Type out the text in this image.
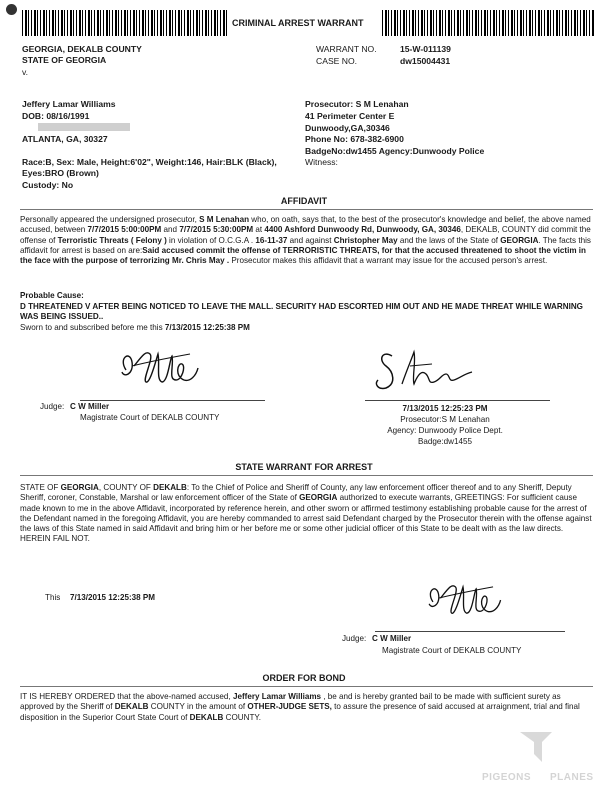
CRIMINAL ARREST WARRANT
GEORGIA, DEKALB COUNTY
STATE OF GEORGIA
v.
WARRANT NO.	15-W-011139
CASE NO.	dw15004431
Jeffery Lamar Williams
DOB: 08/16/1991
ATLANTA, GA, 30327
Race:B, Sex: Male, Height:6'02", Weight:146, Hair:BLK (Black), Eyes:BRO (Brown)
Custody: No
Prosecutor: S M Lenahan
41 Perimeter Center E
Dunwoody,GA,30346
Phone No: 678-382-6900
BadgeNo:dw1455 Agency:Dunwoody Police
Witness:
AFFIDAVIT
Personally appeared the undersigned prosecutor, S M Lenahan who, on oath, says that, to the best of the prosecutor's knowledge and belief, the above named accused, between 7/7/2015 5:00:00PM and 7/7/2015 5:30:00PM at 4400 Ashford Dunwoody Rd, Dunwoody, GA, 30346, DEKALB, COUNTY did commit the offense of Terroristic Threats ( Felony ) in violation of O.C.G.A . 16-11-37 and against Christopher May and the laws of the State of GEORGIA. The facts this affidavit for arrest is based on are:Said accused commit the offense of TERRORISTIC THREATS, for that the accused threatened to shoot the victim in the face with the purpose of terrorizing Mr. Chris May . Prosecutor makes this affidavit that a warrant may issue for the accused person's arrest.
Probable Cause:
D THREATENED V AFTER BEING NOTICED TO LEAVE THE MALL. SECURITY HAD ESCORTED HIM OUT AND HE MADE THREAT WHILE WARNING WAS BEING ISSUED..
Sworn to and subscribed before me this 7/13/2015 12:25:38 PM
Judge: C W Miller
Magistrate Court of DEKALB COUNTY
7/13/2015 12:25:23 PM
Prosecutor:S M Lenahan
Agency: Dunwoody Police Dept.
Badge:dw1455
STATE WARRANT FOR ARREST
STATE OF GEORGIA, COUNTY OF DEKALB: To the Chief of Police and Sheriff of County, any law enforcement officer thereof and to any Sheriff, Deputy Sheriff, coroner, Constable, Marshal or law enforcement officer of the State of GEORGIA authorized to execute warrants, GREETINGS: For sufficient cause made known to me in the above Affidavit, incorporated by reference herein, and other sworn or affirmed testimony establishing probable cause for the arrest of the Defendant named in the foregoing Affidavit, you are hereby commanded to arrest said Defendant charged by the Prosecutor therein with the offense against the laws of this State named in said Affidavit and bring him or her before me or some other judicial officer of this State to be dealt with as the law directs. HEREIN FAIL NOT.
This 7/13/2015 12:25:38 PM
Judge: C W Miller
Magistrate Court of DEKALB COUNTY
ORDER FOR BOND
IT IS HEREBY ORDERED that the above-named accused, Jeffery Lamar Williams , be and is hereby granted bail to be made with sufficient surety as approved by the Sheriff of DEKALB COUNTY in the amount of OTHER-JUDGE SETS, to assure the presence of said accused at arraignment, trial and final disposition in the Superior Court State Court of DEKALB COUNTY.
PIGEONS PLANES
